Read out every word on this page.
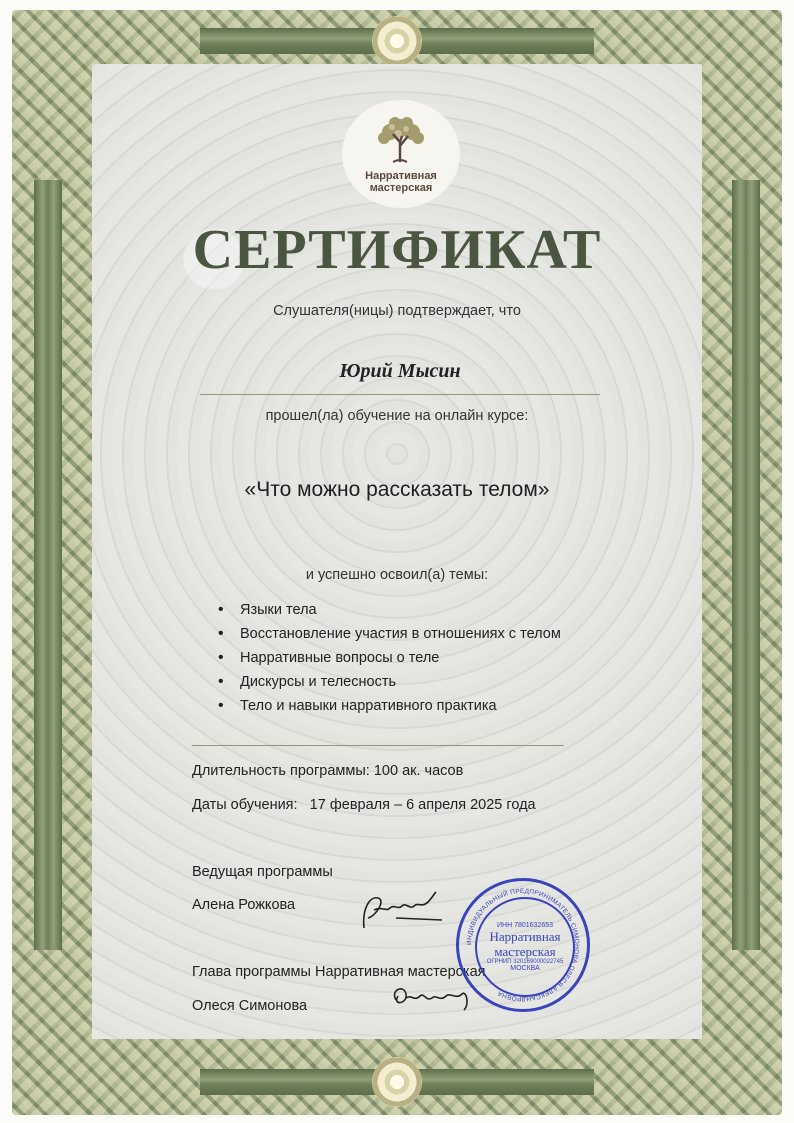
Нарративная
мастерская
СЕРТИФИКАТ
Слушателя(ницы) подтверждает, что
Юрий Мысин
прошел(ла) обучение на онлайн курсе:
«Что можно рассказать телом»
и успешно освоил(а) темы:
• Языки тела
• Восстановление участия в отношениях с телом
• Нарративные вопросы о теле
• Дискурсы и телесность
• Тело и навыки нарративного практика
Длительность программы: 100 ак. часов
Даты обучения: 17 февраля – 6 апреля 2025 года
Ведущая программы
Алена Рожкова
Глава программы Нарративная мастерская
Олеся Симонова
ИНДИВИДУАЛЬНЫЙ ПРЕДПРИНИМАТЕЛЬ СИМОНОВА ОЛЕСЯ АЛЕКСАНДРОВНА
ИНН 7801632653
Нарративная
мастерская
ОГРНИП 320169000022745
МОСКВА
